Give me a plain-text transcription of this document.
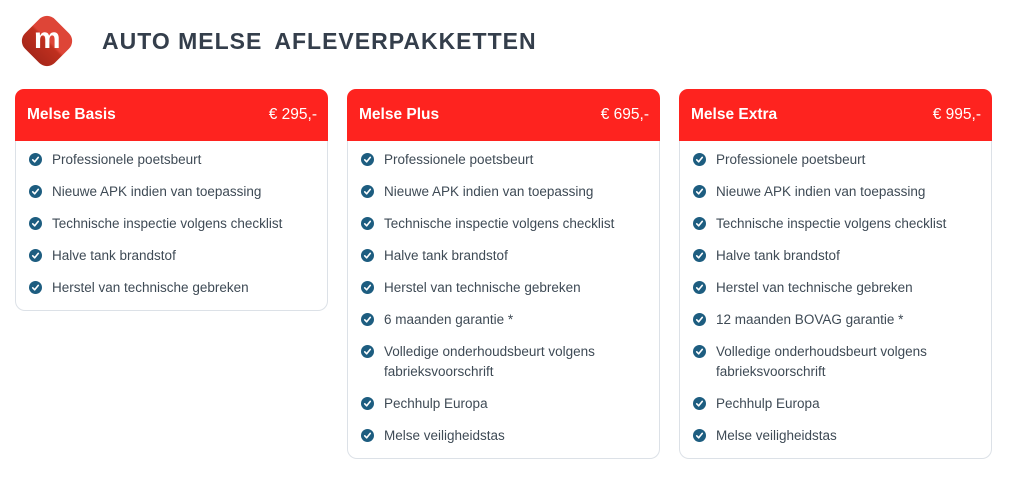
m AUTO MELSE AFLEVERPAKKETTEN
Melse Basis	€ 295,-
Professionele poetsbeurt
Nieuwe APK indien van toepassing
Technische inspectie volgens checklist
Halve tank brandstof
Herstel van technische gebreken
Melse Plus	€ 695,-
Professionele poetsbeurt
Nieuwe APK indien van toepassing
Technische inspectie volgens checklist
Halve tank brandstof
Herstel van technische gebreken
6 maanden garantie *
Volledige onderhoudsbeurt volgens fabrieksvoorschrift
Pechhulp Europa
Melse veiligheidstas
Melse Extra	€ 995,-
Professionele poetsbeurt
Nieuwe APK indien van toepassing
Technische inspectie volgens checklist
Halve tank brandstof
Herstel van technische gebreken
12 maanden BOVAG garantie *
Volledige onderhoudsbeurt volgens fabrieksvoorschrift
Pechhulp Europa
Melse veiligheidstas
